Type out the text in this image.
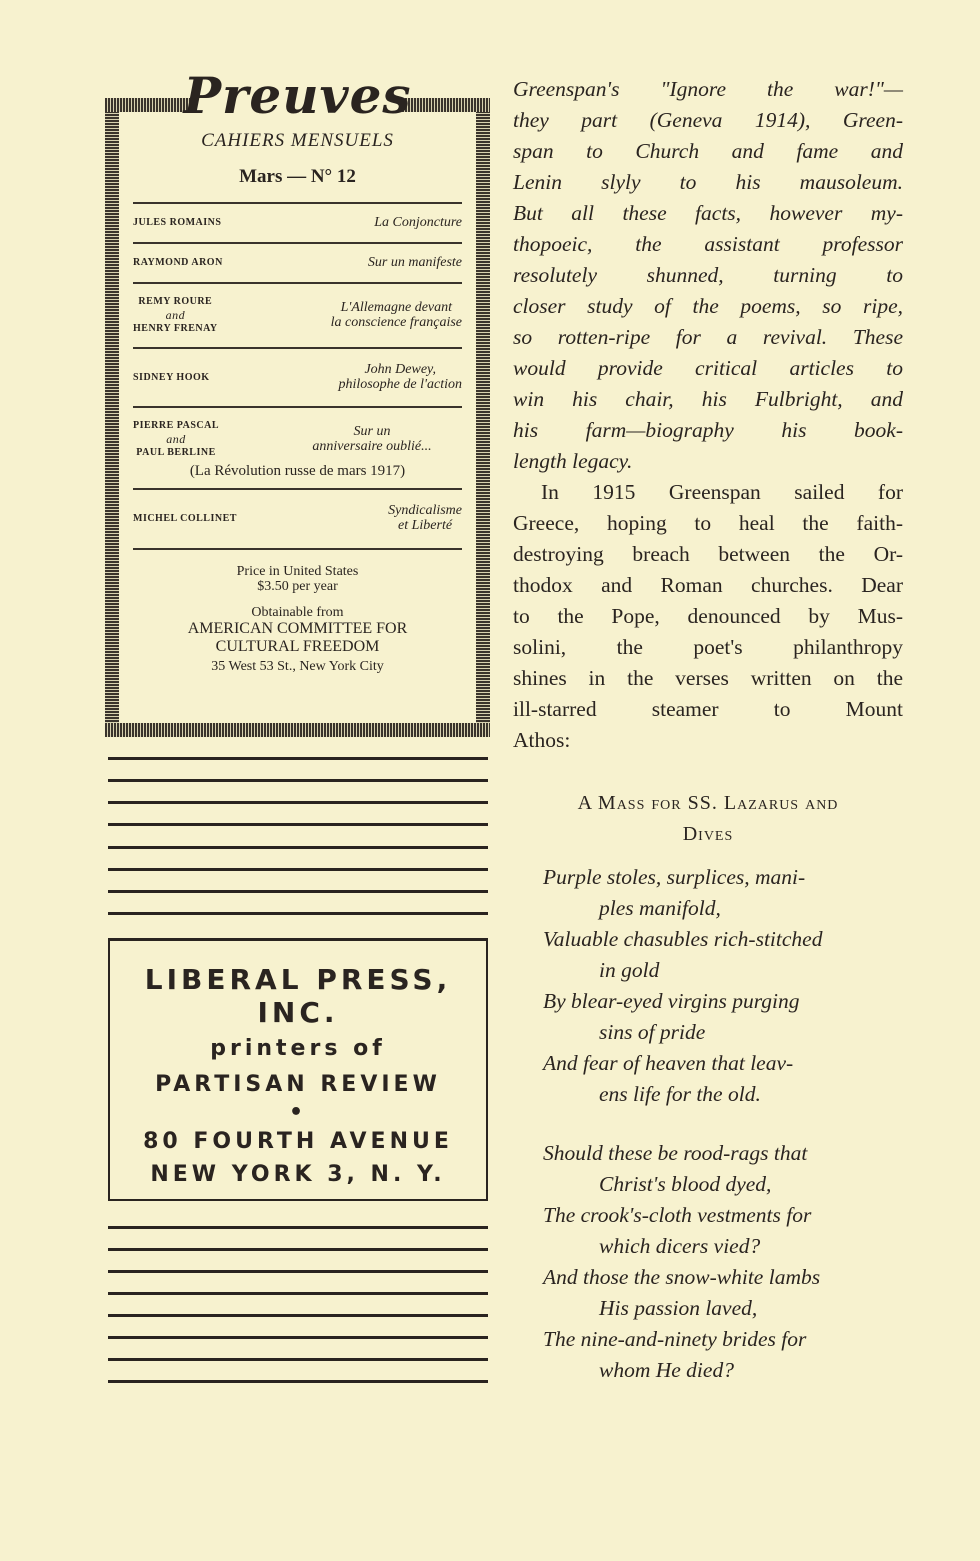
Preuves
CAHIERS MENSUELS
Mars — N° 12
JULES ROMAINS	La Conjoncture
RAYMOND ARON	Sur un manifeste
REMY ROURE
and
HENRY FRENAY
L'Allemagne devant
la conscience française
SIDNEY HOOK
John Dewey,
philosophe de l'action
PIERRE PASCAL
and
PAUL BERLINE
Sur un
anniversaire oublié...
(La Révolution russe de mars 1917)
MICHEL COLLINET
Syndicalisme
et Liberté
Price in United States
$3.50 per year
Obtainable from
AMERICAN COMMITTEE FOR
CULTURAL FREEDOM
35 West 53 St., New York City
LIBERAL PRESS, INC.
printers of
PARTISAN REVIEW
•
80 FOURTH AVENUE
NEW YORK 3, N. Y.
Greenspan's "Ignore the war!"—
they part (Geneva 1914), Green-
span to Church and fame and
Lenin slyly to his mausoleum.
But all these facts, however my-
thopoeic, the assistant professor
resolutely shunned, turning to
closer study of the poems, so ripe,
so rotten-ripe for a revival. These
would provide critical articles to
win his chair, his Fulbright, and
his farm—biography his book-
length legacy.
In 1915 Greenspan sailed for
Greece, hoping to heal the faith-
destroying breach between the Or-
thodox and Roman churches. Dear
to the Pope, denounced by Mus-
solini, the poet's philanthropy
shines in the verses written on the
ill-starred steamer to Mount
Athos:
A Mass for SS. Lazarus and
Dives
Purple stoles, surplices, mani-
ples manifold,
Valuable chasubles rich-stitched
in gold
By blear-eyed virgins purging
sins of pride
And fear of heaven that leav-
ens life for the old.
Should these be rood-rags that
Christ's blood dyed,
The crook's-cloth vestments for
which dicers vied?
And those the snow-white lambs
His passion laved,
The nine-and-ninety brides for
whom He died?
